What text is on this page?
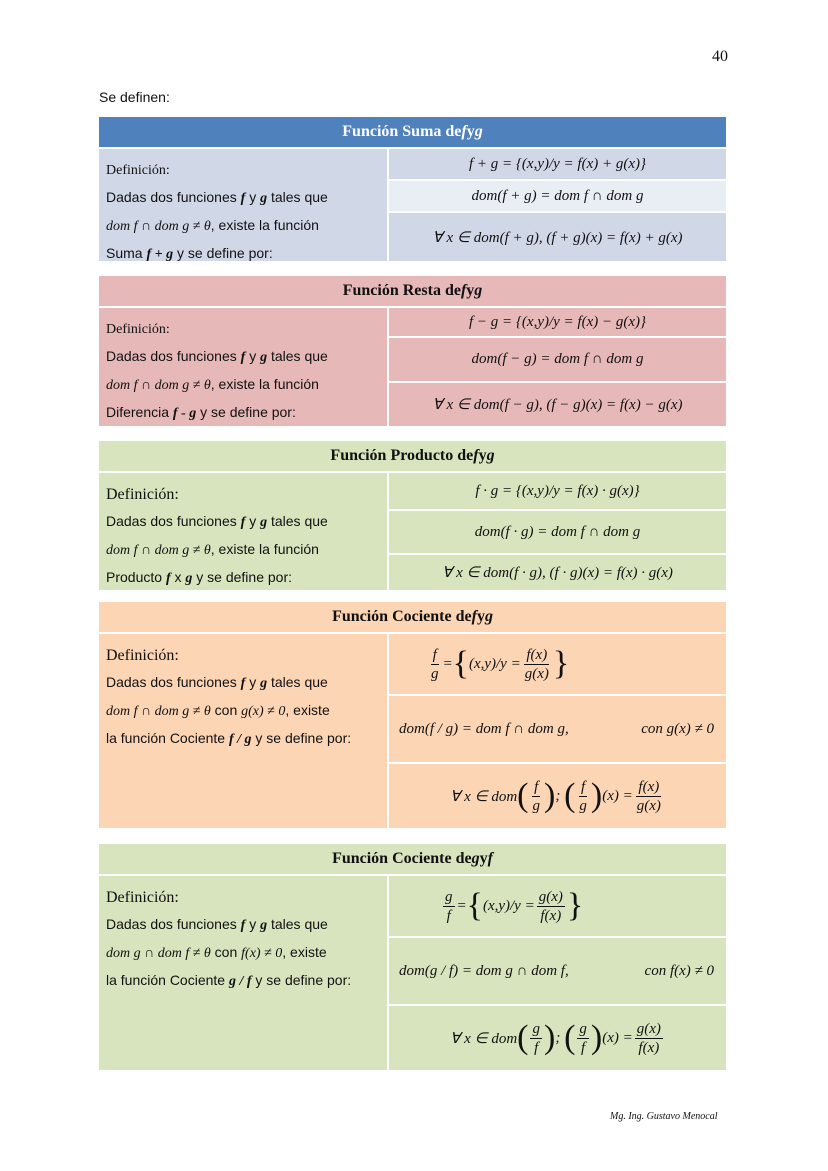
40
Se definen:
Función Suma de f y g
Definición:
Dadas dos funciones f y g tales que
dom f ∩ dom g ≠ θ, existe la función
Suma f + g y se define por:
f + g = {(x,y)/y = f(x) + g(x)}
dom(f + g) = dom f ∩ dom g
∀ x ∈ dom(f + g), (f + g)(x) = f(x) + g(x)
Función Resta de f y g
Definición:
Dadas dos funciones f y g tales que
dom f ∩ dom g ≠ θ, existe la función
Diferencia f - g y se define por:
f − g = {(x,y)/y = f(x) − g(x)}
dom(f − g) = dom f ∩ dom g
∀ x ∈ dom(f − g), (f − g)(x) = f(x) − g(x)
Función Producto de f y g
Definición:
Dadas dos funciones f y g tales que
dom f ∩ dom g ≠ θ, existe la función
Producto f x g y se define por:
f · g = {(x,y)/y = f(x) · g(x)}
dom(f · g) = dom f ∩ dom g
∀ x ∈ dom(f · g), (f · g)(x) = f(x) · g(x)
Función Cociente de f y g
Definición:
Dadas dos funciones f y g tales que
dom f ∩ dom g ≠ θ con g(x) ≠ 0, existe
la función Cociente f / g y se define por:
$\frac{f}{g}$ = { $(x,y)/y = \frac{f(x)}{g(x)}$ }
dom(f / g) = dom f ∩ dom g,	con g(x) ≠ 0
∀ x ∈ dom ( $\frac{f}{g}$ ) ;
( $\frac{f}{g}$ ) $(x) = \frac{f(x)}{g(x)}$
Función Cociente de g y f
Definición:
Dadas dos funciones f y g tales que
dom g ∩ dom f ≠ θ con f(x) ≠ 0, existe
la función Cociente g / f y se define por:
$\frac{g}{f}$ = { $(x,y)/y = \frac{g(x)}{f(x)}$ }
dom(g / f) = dom g ∩ dom f,	con f(x) ≠ 0
∀ x ∈ dom ( $\frac{g}{f}$ ) ;
( $\frac{g}{f}$ ) $(x) = \frac{g(x)}{f(x)}$
Mg. Ing. Gustavo Menocal
